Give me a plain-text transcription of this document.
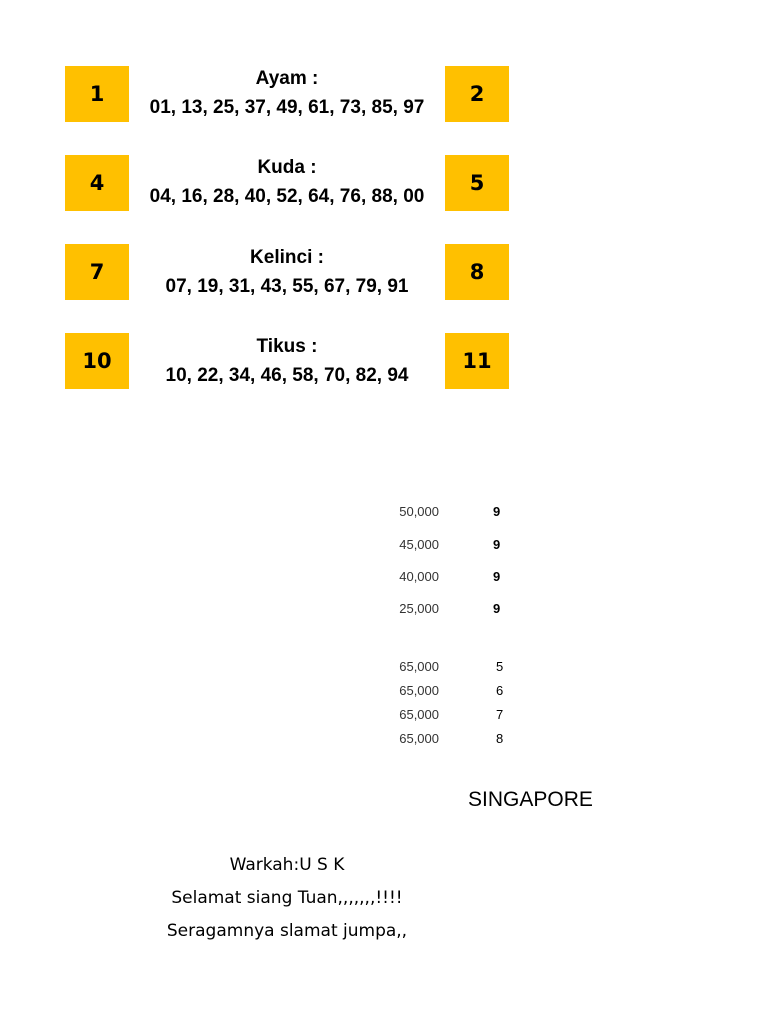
1
Ayam :
01, 13, 25, 37, 49, 61, 73, 85, 97
2
4
Kuda :
04, 16, 28, 40, 52, 64, 76, 88, 00
5
7
Kelinci :
07, 19, 31, 43, 55, 67, 79, 91
8
10
Tikus :
10, 22, 34, 46, 58, 70, 82, 94
11
50,000	9
45,000	9
40,000	9
25,000	9
65,000	5
65,000	6
65,000	7
65,000	8
SINGAPORE
Warkah:U S K
Selamat siang Tuan,,,,,,,!!!!
Seragamnya slamat jumpa,,
